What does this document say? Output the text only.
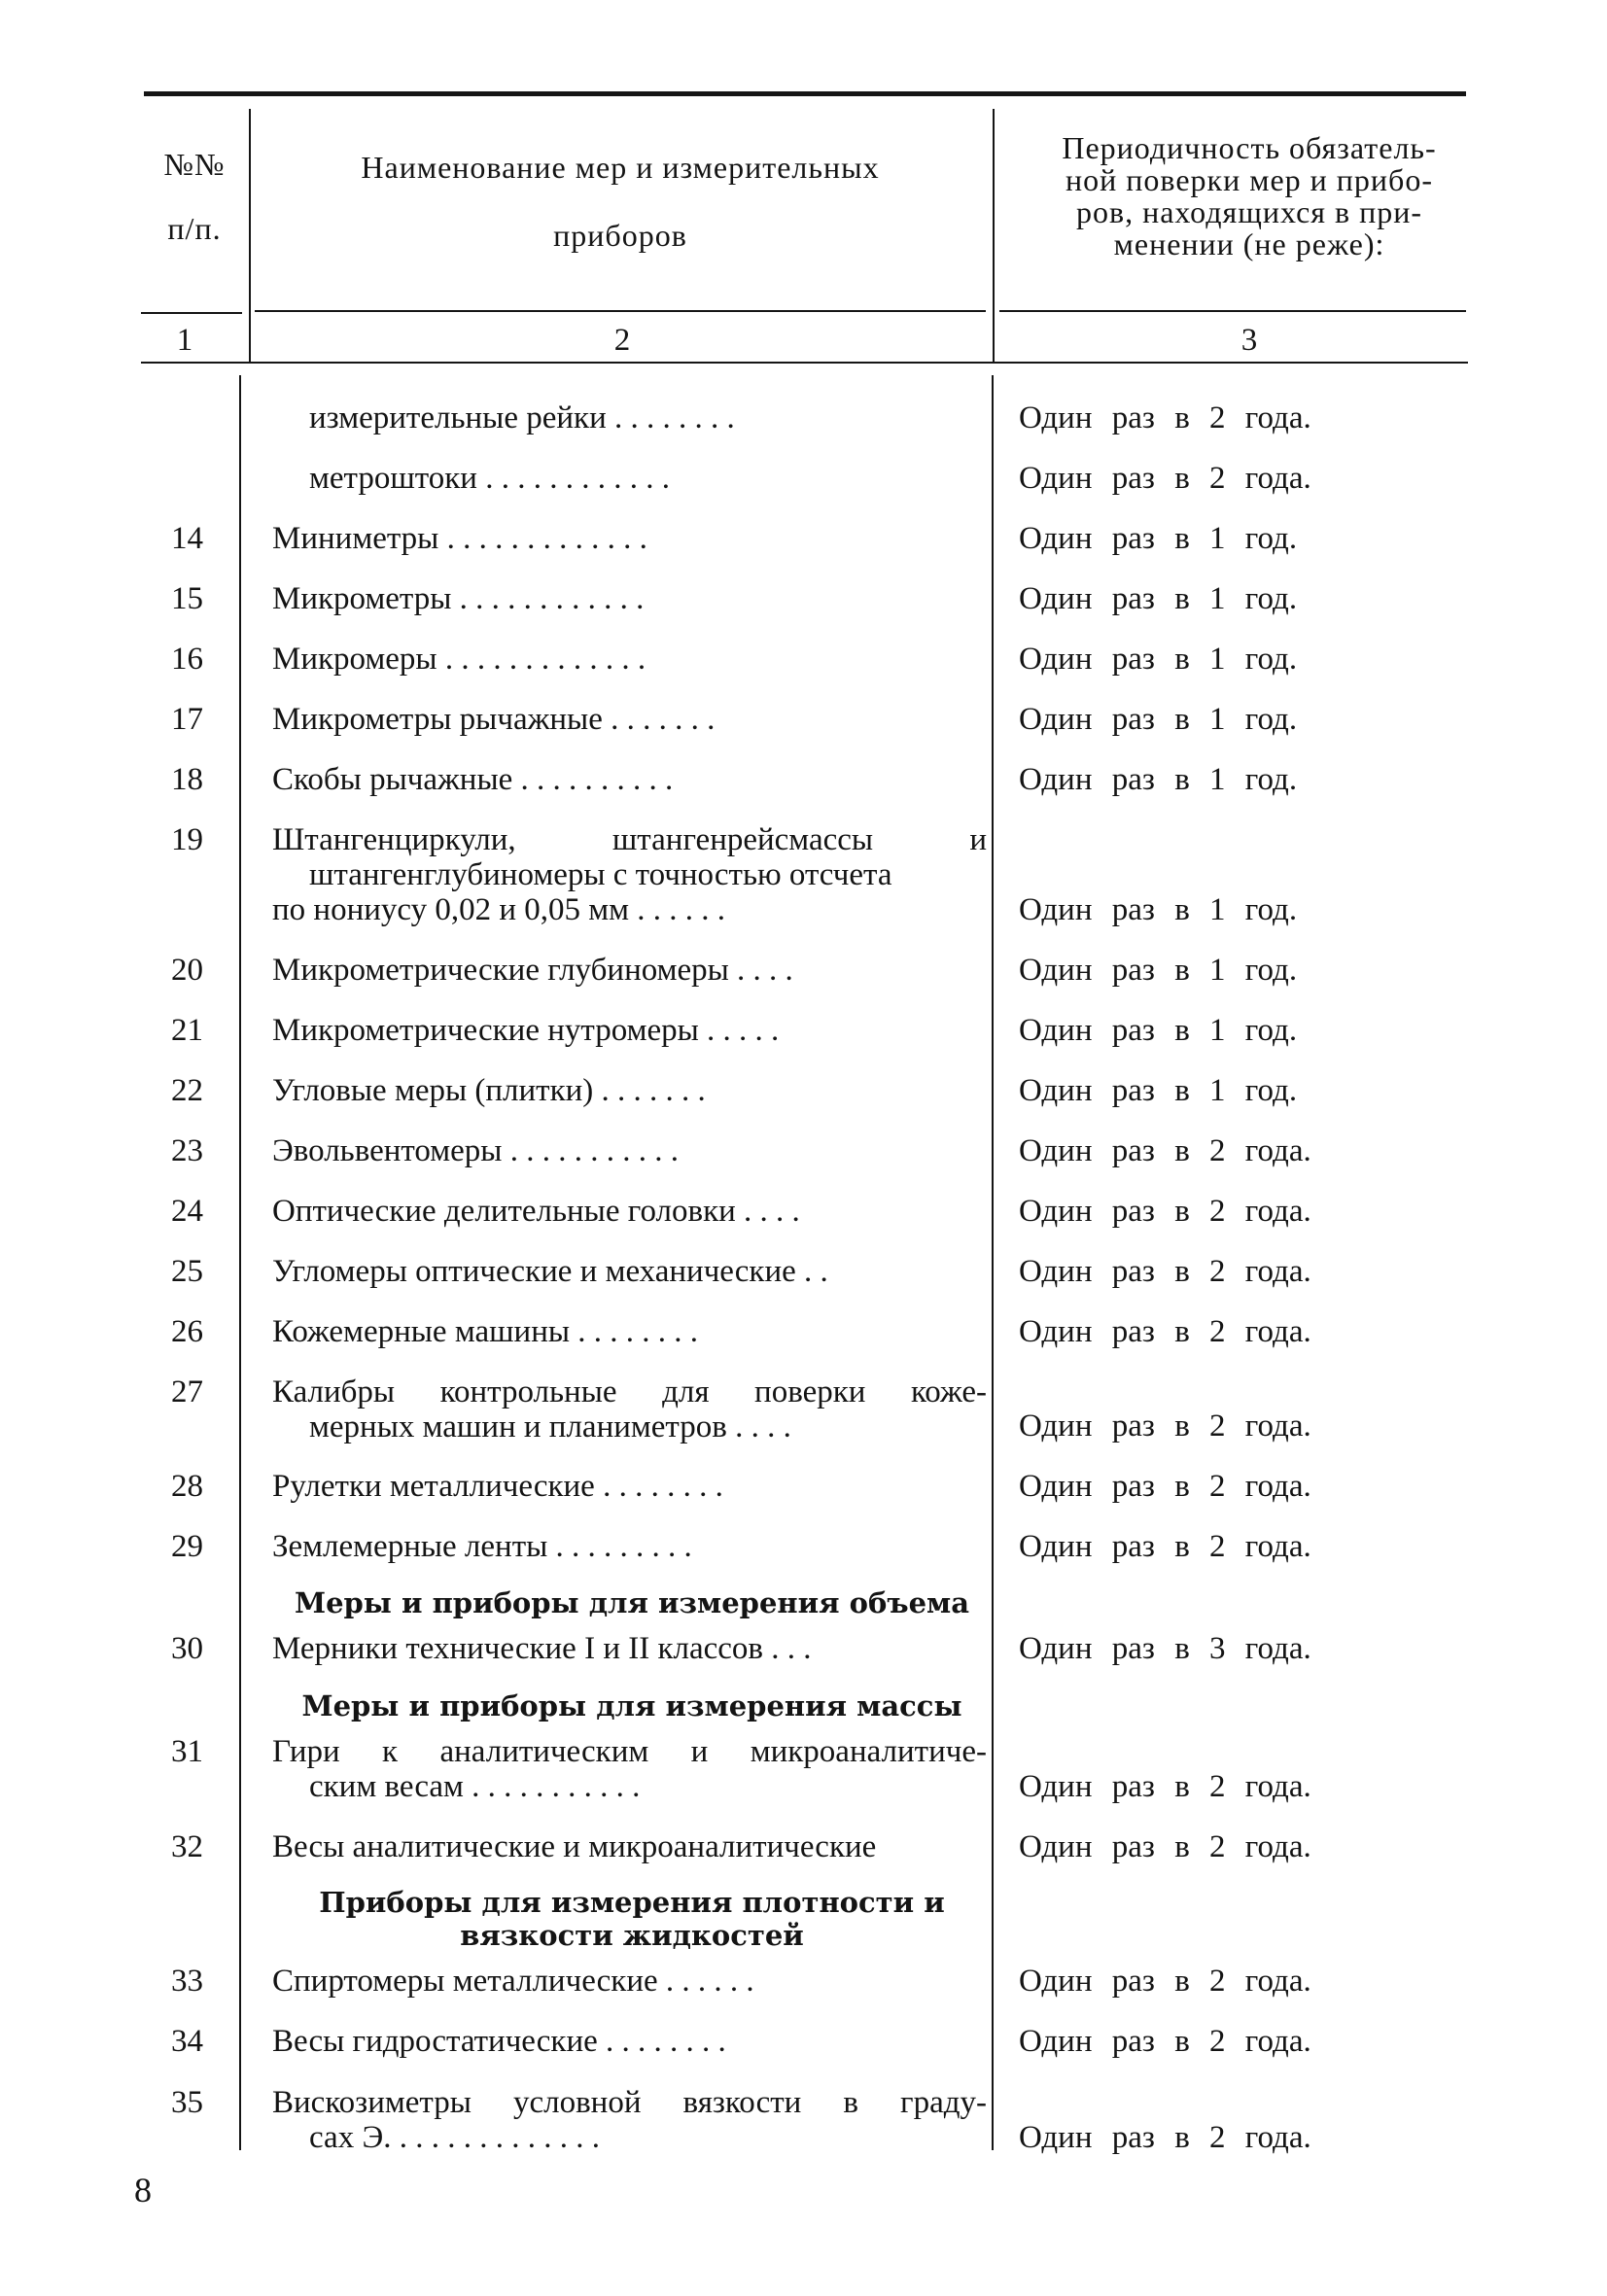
№№
п/п.
Наименование мер и измерительных
приборов
Периодичность обязатель-
ной поверки мер и прибо-
ров, находящихся в при-
менении (не реже):
1	2	3
измерительные рейки . . . . . . . .	Один раз в 2 года.
метроштоки . . . . . . . . . . . .	Один раз в 2 года.
14	Миниметры . . . . . . . . . . . . .	Один раз в 1 год.
15	Микрометры . . . . . . . . . . . .	Один раз в 1 год.
16	Микромеры . . . . . . . . . . . . .	Один раз в 1 год.
17	Микрометры рычажные . . . . . . .	Один раз в 1 год.
18	Скобы рычажные . . . . . . . . . .	Один раз в 1 год.
19	Штангенциркули, штангенрейсмассы и
штангенглубиномеры с точностью отсчета
по нониусу 0,02 и 0,05 мм . . . . . .	Один раз в 1 год.
20	Микрометрические глубиномеры . . . .	Один раз в 1 год.
21	Микрометрические нутромеры . . . . .	Один раз в 1 год.
22	Угловые меры (плитки) . . . . . . .	Один раз в 1 год.
23	Эвольвентомеры . . . . . . . . . . .	Один раз в 2 года.
24	Оптические делительные головки . . . .	Один раз в 2 года.
25	Угломеры оптические и механические . .	Один раз в 2 года.
26	Кожемерные машины . . . . . . . .	Один раз в 2 года.
27	Калибры контрольные для поверки коже-
мерных машин и планиметров . . . .	Один раз в 2 года.
28	Рулетки металлические . . . . . . . .	Один раз в 2 года.
29	Землемерные ленты . . . . . . . . .	Один раз в 2 года.
Меры и приборы для измерения объема
30	Мерники технические I и II классов . . .	Один раз в 3 года.
Меры и приборы для измерения массы
31	Гири к аналитическим и микроаналитиче-
ским весам . . . . . . . . . . .	Один раз в 2 года.
32	Весы аналитические и микроаналитические	Один раз в 2 года.
Приборы для измерения плотности и
вязкости жидкостей
33	Спиртомеры металлические . . . . . .	Один раз в 2 года.
34	Весы гидростатические . . . . . . . .	Один раз в 2 года.
35	Вискозиметры условной вязкости в граду-
сах Э. . . . . . . . . . . . . .	Один раз в 2 года.
8
